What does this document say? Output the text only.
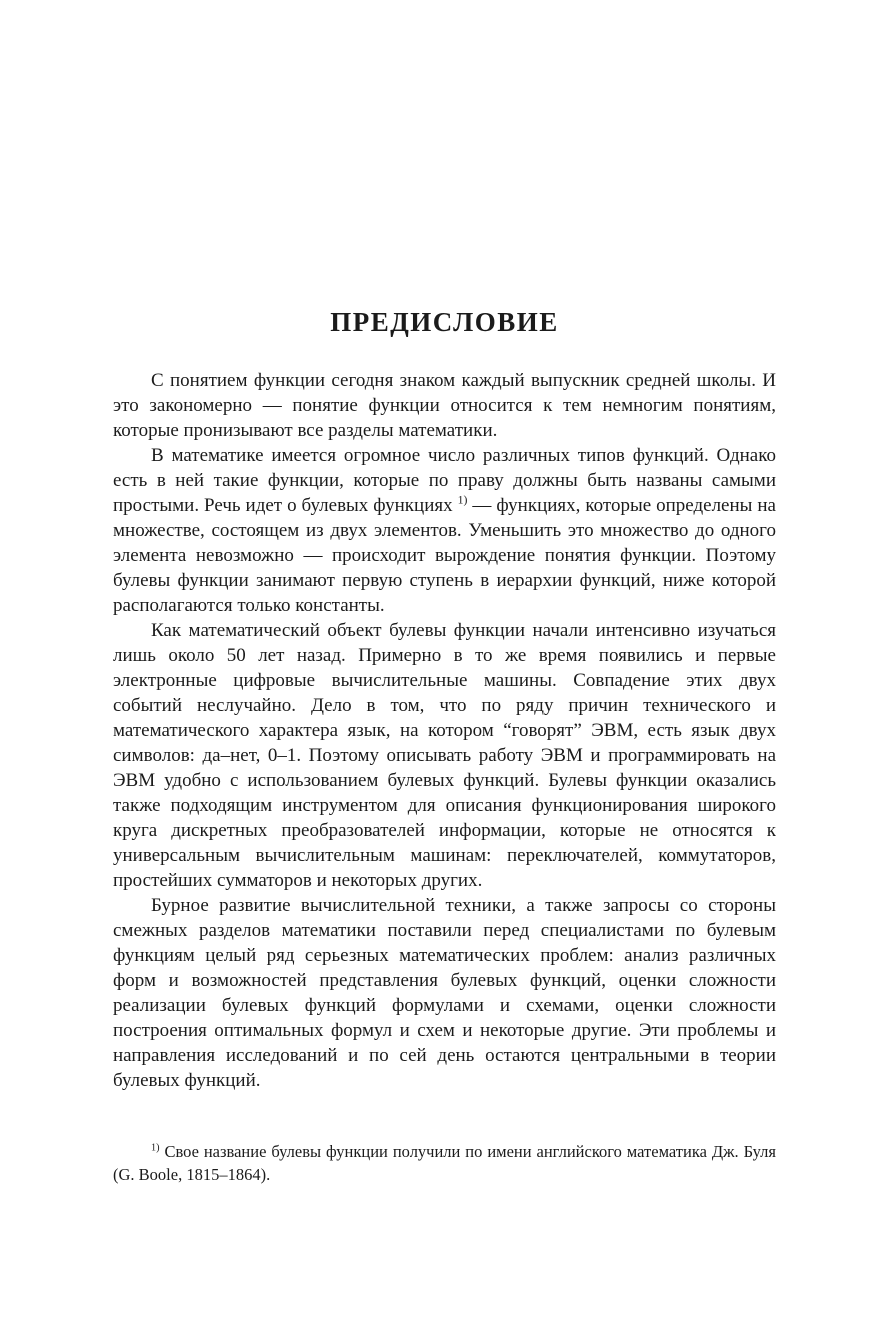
ПРЕДИСЛОВИЕ

С понятием функции сегодня знаком каждый выпускник средней школы. И это закономерно — понятие функции относится к тем немногим понятиям, которые пронизывают все разделы математики.

В математике имеется огромное число различных типов функций. Однако есть в ней такие функции, которые по праву должны быть названы самыми простыми. Речь идет о булевых функциях $^{1)}$ — функциях, которые определены на множестве, состоящем из двух элементов. Уменьшить это множество до одного элемента невозможно — происходит вырождение понятия функции. Поэтому булевы функции занимают первую ступень в иерархии функций, ниже которой располагаются только константы.

Как математический объект булевы функции начали интенсивно изучаться лишь около 50 лет назад. Примерно в то же время появились и первые электронные цифровые вычислительные машины. Совпадение этих двух событий неслучайно. Дело в том, что по ряду причин технического и математического характера язык, на котором “говорят” ЭВМ, есть язык двух символов: да–нет, 0–1. Поэтому описывать работу ЭВМ и программировать на ЭВМ удобно с использованием булевых функций. Булевы функции оказались также подходящим инструментом для описания функционирования широкого круга дискретных преобразователей информации, которые не относятся к универсальным вычислительным машинам: переключателей, коммутаторов, простейших сумматоров и некоторых других.

Бурное развитие вычислительной техники, а также запросы со стороны смежных разделов математики поставили перед специалистами по булевым функциям целый ряд серьезных математических проблем: анализ различных форм и возможностей представления булевых функций, оценки сложности реализации булевых функций формулами и схемами, оценки сложности построения оптимальных формул и схем и некоторые другие. Эти проблемы и направления исследований и по сей день остаются центральными в теории булевых функций.

$^{1)}$ Свое название булевы функции получили по имени английского математика Дж. Буля (G. Boole, 1815–1864).
